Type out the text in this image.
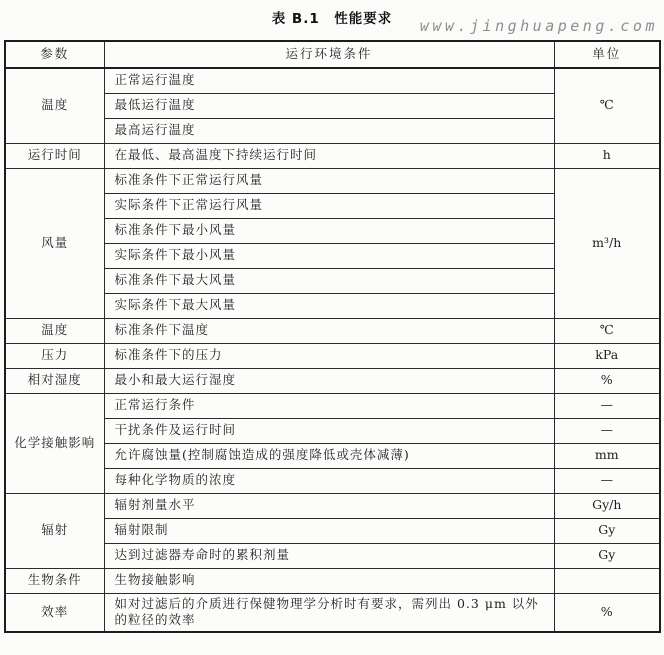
表 B.1　性能要求	www.jinghuapeng.com
参数	运行环境条件	单位
温度	正常运行温度	℃
	最低运行温度	
	最高运行温度	
运行时间	在最低、最高温度下持续运行时间	h
风量	标准条件下正常运行风量	m³/h
	实际条件下正常运行风量	
	标准条件下最小风量	
	实际条件下最小风量	
	标准条件下最大风量	
	实际条件下最大风量	
温度	标准条件下温度	℃
压力	标准条件下的压力	kPa
相对湿度	最小和最大运行湿度	%
化学接触影响	正常运行条件	—
	干扰条件及运行时间	—
	允许腐蚀量(控制腐蚀造成的强度降低或壳体减薄)	mm
	每种化学物质的浓度	—
辐射	辐射剂量水平	Gy/h
	辐射限制	Gy
	达到过滤器寿命时的累积剂量	Gy
生物条件	生物接触影响	
效率	如对过滤后的介质进行保健物理学分析时有要求，需列出 0.3 μm 以外的粒径的效率	%
